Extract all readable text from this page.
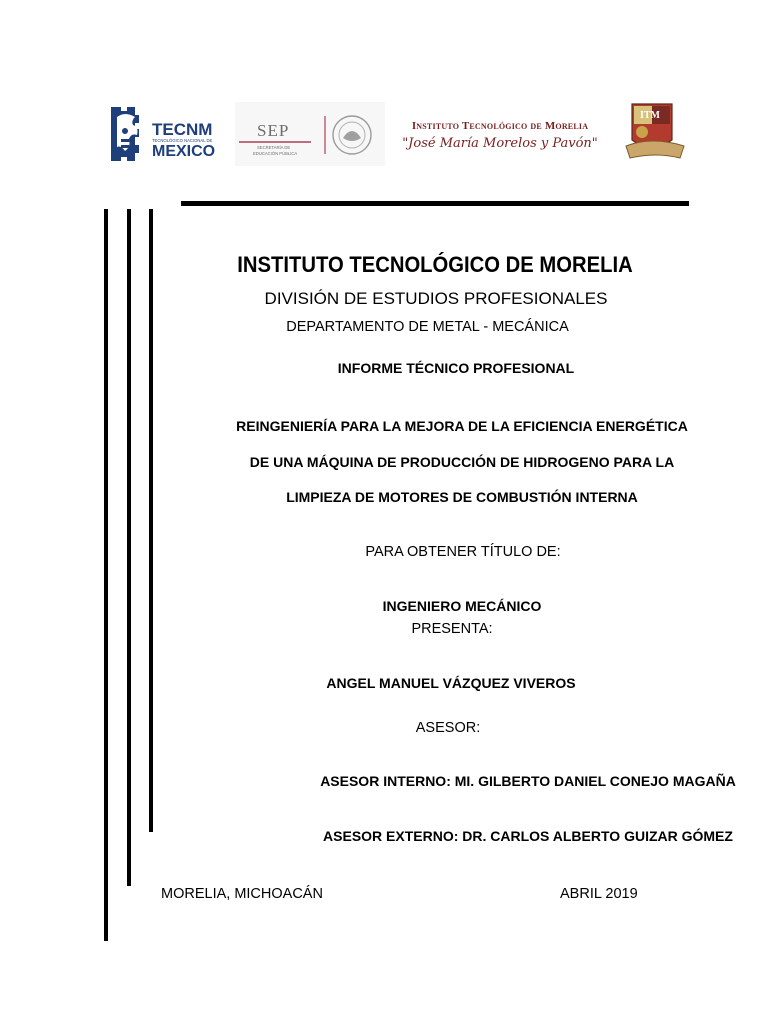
TECNM
TECNOLÓGICO NACIONAL DE
MEXICO
SEP
SECRETARÍA DE
EDUCACIÓN PÚBLICA
Instituto Tecnológico de Morelia
"José María Morelos y Pavón"
ITM
INSTITUTO TECNOLÓGICO DE MORELIA
DIVISIÓN DE ESTUDIOS PROFESIONALES
DEPARTAMENTO DE METAL - MECÁNICA
INFORME TÉCNICO PROFESIONAL
REINGENIERÍA PARA LA MEJORA DE LA EFICIENCIA ENERGÉTICA
DE UNA MÁQUINA DE PRODUCCIÓN DE HIDROGENO PARA LA
LIMPIEZA DE MOTORES DE COMBUSTIÓN INTERNA
PARA OBTENER TÍTULO DE:
INGENIERO MECÁNICO
PRESENTA:
ANGEL MANUEL VÁZQUEZ VIVEROS
ASESOR:
ASESOR INTERNO: MI. GILBERTO DANIEL CONEJO MAGAÑA
ASESOR EXTERNO: DR. CARLOS ALBERTO GUIZAR GÓMEZ
MORELIA, MICHOACÁN	ABRIL 2019
